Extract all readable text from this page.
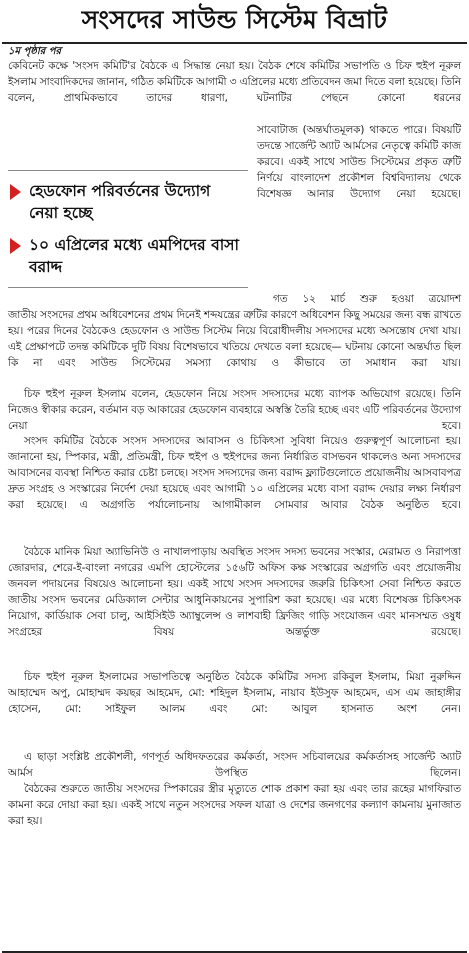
সংসদের সাউন্ড সিস্টেম বিভ্রাট
১ম পৃষ্ঠার পর

কেবিনেট কক্ষে 'সংসদ কমিটি'র বৈঠকে এ সিদ্ধান্ত নেয়া হয়। বৈঠক শেষে কমিটির সভাপতি ও চিফ হুইপ নূরুল ইসলাম সাংবাদিকদের জানান, গঠিত কমিটিকে আগামী ৩ এপ্রিলের মধ্যে প্রতিবেদন জমা দিতে বলা হয়েছে। তিনি বলেন, প্রাথমিকভাবে তাদের ধারণা, ঘটনাটির পেছনে কোনো ধরনের

হেডফোন পরিবর্তনের উদ্যোগ নেয়া হচ্ছে
১০ এপ্রিলের মধ্যে এমপিদের বাসা বরাদ্দ

সাবোটাজ (অন্তর্ঘাতমূলক) থাকতে পারে। বিষয়টি তদন্তে সার্জেন্ট অ্যাট আর্মসের নেতৃত্বে কমিটি কাজ করবে। একই সাথে সাউন্ড সিস্টেমের প্রকৃত ত্রুটি নির্ণয়ে বাংলাদেশ প্রকৌশল বিশ্ববিদ্যালয় থেকে বিশেষজ্ঞ আনার উদ্যোগ নেয়া হয়েছে।

গত ১২ মার্চ শুরু হওয়া ত্রয়োদশ

জাতীয় সংসদের প্রথম অধিবেশনের প্রথম দিনেই শব্দযন্ত্রের ত্রুটির কারণে অধিবেশন কিছু সময়ের জন্য বন্ধ রাখতে হয়। পরের দিনের বৈঠকেও হেডফোন ও সাউন্ড সিস্টেম নিয়ে বিরোধীদলীয় সদস্যদের মধ্যে অসন্তোষ দেখা যায়। এই প্রেক্ষাপটে তদন্ত কমিটিকে দুটি বিষয় বিশেষভাবে খতিয়ে দেখতে বলা হয়েছে— ঘটনায় কোনো অন্তর্ঘাত ছিল কি না এবং সাউন্ড সিস্টেমের সমস্যা কোথায় ও কীভাবে তা সমাধান করা যায়।

চিফ হুইপ নূরুল ইসলাম বলেন, হেডফোন নিয়ে সংসদ সদস্যদের মধ্যে ব্যাপক অভিযোগ রয়েছে। তিনি নিজেও স্বীকার করেন, বর্তমান বড় আকারের হেডফোন ব্যবহারে অস্বস্তি তৈরি হচ্ছে এবং এটি পরিবর্তনের উদ্যোগ নেয়া হবে।

সংসদ কমিটির বৈঠকে সংসদ সদস্যদের আবাসন ও চিকিৎসা সুবিধা নিয়েও গুরুত্বপূর্ণ আলোচনা হয়। জানানো হয়, স্পিকার, মন্ত্রী, প্রতিমন্ত্রী, চিফ হুইপ ও হুইপদের জন্য নির্ধারিত বাসভবন থাকলেও অন্য সদস্যদের আবাসনের ব্যবস্থা নিশ্চিত করার চেষ্টা চলছে। সংসদ সদস্যদের জন্য বরাদ্দ ফ্ল্যাটগুলোতে প্রয়োজনীয় আসবাবপত্র দ্রুত সংগ্রহ ও সংস্কারের নির্দেশ দেয়া হয়েছে এবং আগামী ১০ এপ্রিলের মধ্যে বাসা বরাদ্দ দেয়ার লক্ষ্য নির্ধারণ করা হয়েছে। এ অগ্রগতি পর্যালোচনায় আগামীকাল সোমবার আবার বৈঠক অনুষ্ঠিত হবে।

বৈঠকে মানিক মিয়া অ্যাভিনিউ ও নাখালপাড়ায় অবস্থিত সংসদ সদস্য ভবনের সংস্কার, মেরামত ও নিরাপত্তা জোরদার, শেরে-ই-বাংলা নগরের এমপি হোস্টেলের ১৫৬টি অফিস কক্ষ সংস্কারের অগ্রগতি এবং প্রয়োজনীয় জনবল পদায়নের বিষয়েও আলোচনা হয়। একই সাথে সংসদ সদস্যদের জরুরি চিকিৎসা সেবা নিশ্চিত করতে জাতীয় সংসদ ভবনের মেডিক্যাল সেন্টার আধুনিকায়নের সুপারিশ করা হয়েছে। এর মধ্যে বিশেষজ্ঞ চিকিৎসক নিয়োগ, কার্ডিয়াক সেবা চালু, আইসিইউ অ্যাম্বুলেন্স ও লাশবাহী ফ্রিজিং গাড়ি সংযোজন এবং মানসম্মত ওষুধ সংগ্রহের বিষয় অন্তর্ভুক্ত রয়েছে।

চিফ হুইপ নূরুল ইসলামের সভাপতিত্বে অনুষ্ঠিত বৈঠকে কমিটির সদস্য রকিবুল ইসলাম, মিয়া নুরুদ্দিন আহাম্মেদ অপু, মোহাম্মদ কয়ছর আহমেদ, মো: শহিদুল ইসলাম, নায়াব ইউসুফ আহমেদ, এস এম জাহাঙ্গীর হোসেন, মো: সাইফুল আলম এবং মো: আবুল হাসনাত অংশ নেন।

এ ছাড়া সংশ্লিষ্ট প্রকৌশলী, গণপূর্ত অধিদফতরের কর্মকর্তা, সংসদ সচিবালয়ের কর্মকর্তাসহ সার্জেন্ট অ্যাট আর্মস উপস্থিত ছিলেন।

বৈঠকের শুরুতে জাতীয় সংসদের স্পিকারের স্ত্রীর মৃত্যুতে শোক প্রকাশ করা হয় এবং তার রূহের মাগফিরাত কামনা করে দোয়া করা হয়। একই সাথে নতুন সংসদের সফল যাত্রা ও দেশের জনগণের কল্যাণ কামনায় মুনাজাত করা হয়।
